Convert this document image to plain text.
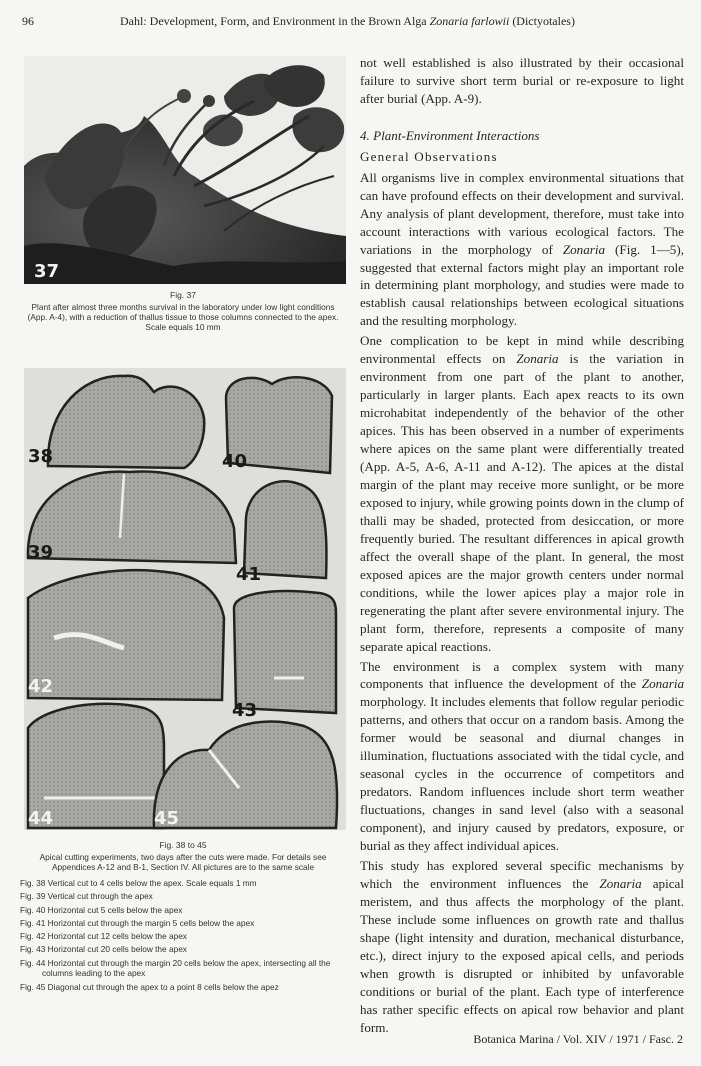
96	Dahl: Development, Form, and Environment in the Brown Alga Zonaria farlowii (Dictyotales)
37
Fig. 37
Plant after almost three months survival in the laboratory under low light conditions (App. A-4), with a reduction of thallus tissue to those columns connected to the apex. Scale equals 10 mm
38
39
40
41
42
43
44	45
Fig. 38 to 45
Apical cutting experiments, two days after the cuts were made. For details see Appendices A-12 and B-1, Section IV. All pictures are to the same scale
Fig. 38 Vertical cut to 4 cells below the apex. Scale equals 1 mm
Fig. 39 Vertical cut through the apex
Fig. 40 Horizontal cut 5 cells below the apex
Fig. 41 Horizontal cut through the margin 5 cells below the apex
Fig. 42 Horizontal cut 12 cells below the apex
Fig. 43 Horizontal cut 20 cells below the apex
Fig. 44 Horizontal cut through the margin 20 cells below the apex, intersecting all the columns leading to the apex
Fig. 45 Diagonal cut through the apex to a point 8 cells below the apez

not well established is also illustrated by their occasional failure to survive short term burial or re-exposure to light after burial (App. A-9).

4. Plant-Environment Interactions

General Observations

All organisms live in complex environmental situations that can have profound effects on their development and survival. Any analysis of plant development, therefore, must take into account interactions with various ecological factors. The variations in the morphology of Zonaria (Fig. 1—5), suggested that external factors might play an important role in determining plant morphology, and studies were made to establish causal relationships between ecological situations and the resulting morphology.

One complication to be kept in mind while describing environmental effects on Zonaria is the variation in environment from one part of the plant to another, particularly in larger plants. Each apex reacts to its own microhabitat independently of the behavior of the other apices. This has been observed in a number of experiments where apices on the same plant were differentially treated (App. A-5, A-6, A-11 and A-12). The apices at the distal margin of the plant may receive more sunlight, or be more exposed to injury, while growing points down in the clump of thalli may be shaded, protected from desiccation, or more frequently buried. The resultant differences in apical growth affect the overall shape of the plant. In general, the most exposed apices are the major growth centers under normal conditions, while the lower apices play a major role in regenerating the plant after severe environmental injury. The plant form, therefore, represents a composite of many separate apical reactions.

The environment is a complex system with many components that influence the development of the Zonaria morphology. It includes elements that follow regular periodic patterns, and others that occur on a random basis. Among the former would be seasonal and diurnal changes in illumination, fluctuations associated with the tidal cycle, and seasonal cycles in the occurrence of competitors and predators. Random influences include short term weather fluctuations, changes in sand level (also with a seasonal component), and injury caused by predators, exposure, or burial as they affect individual apices.

This study has explored several specific mechanisms by which the environment influences the Zonaria apical meristem, and thus affects the morphology of the plant. These include some influences on growth rate and thallus shape (light intensity and duration, mechanical disturbance, etc.), direct injury to the exposed apical cells, and periods when growth is disrupted or inhibited by unfavorable conditions or burial of the plant. Each type of interference has rather specific effects on apical row behavior and plant form.

Botanica Marina / Vol. XIV / 1971 / Fasc. 2
